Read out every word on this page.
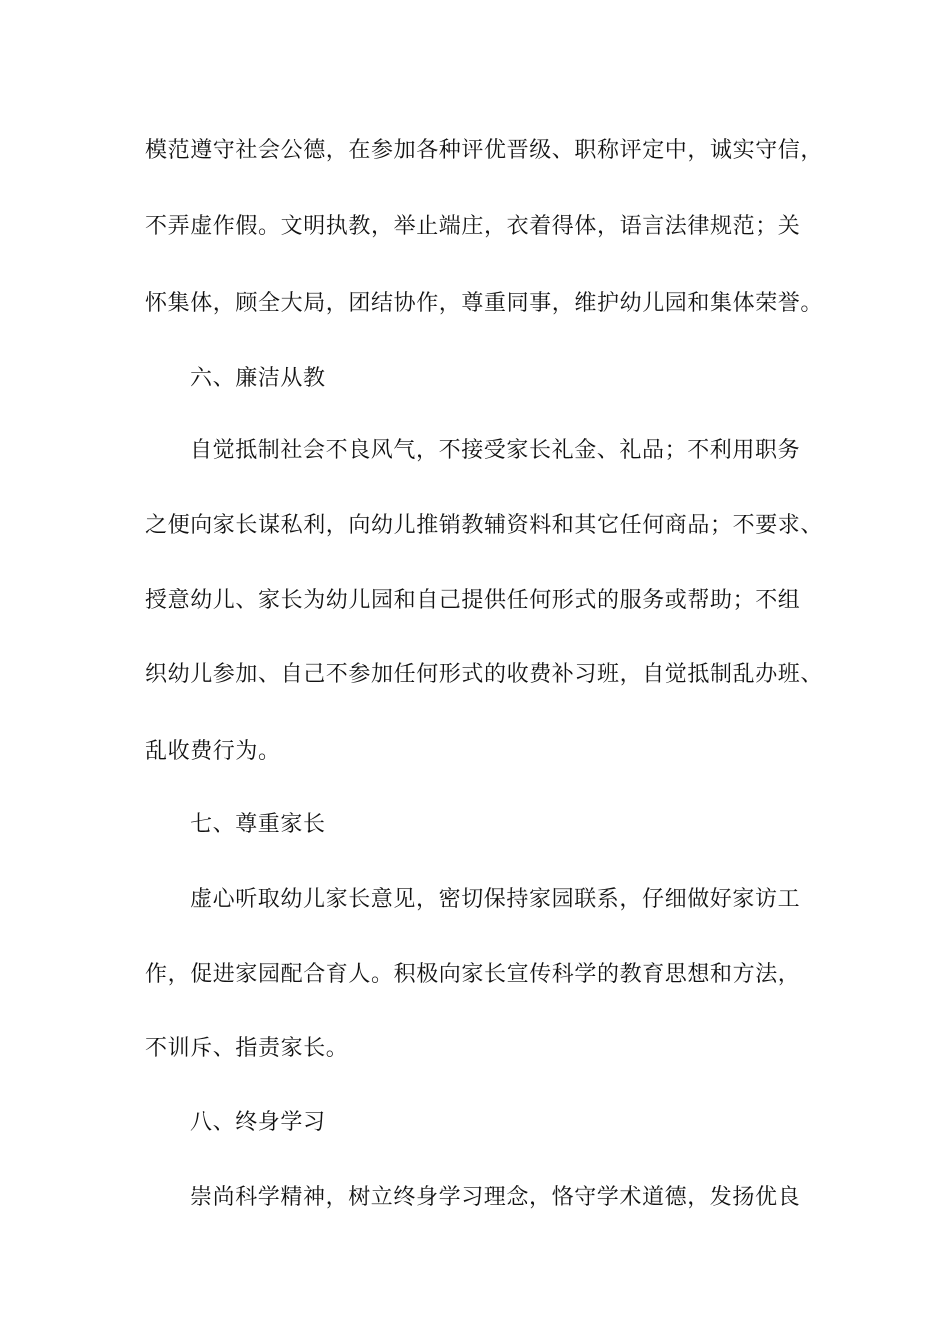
模范遵守社会公德，在参加各种评优晋级、职称评定中，诚实守信，
不弄虚作假。文明执教，举止端庄，衣着得体，语言法律规范；关
怀集体，顾全大局，团结协作，尊重同事，维护幼儿园和集体荣誉。
六、廉洁从教
自觉抵制社会不良风气，不接受家长礼金、礼品；不利用职务
之便向家长谋私利，向幼儿推销教辅资料和其它任何商品；不要求、
授意幼儿、家长为幼儿园和自己提供任何形式的服务或帮助；不组
织幼儿参加、自己不参加任何形式的收费补习班，自觉抵制乱办班、
乱收费行为。
七、尊重家长
虚心听取幼儿家长意见，密切保持家园联系，仔细做好家访工
作，促进家园配合育人。积极向家长宣传科学的教育思想和方法，
不训斥、指责家长。
八、终身学习
崇尚科学精神，树立终身学习理念，恪守学术道德，发扬优良
